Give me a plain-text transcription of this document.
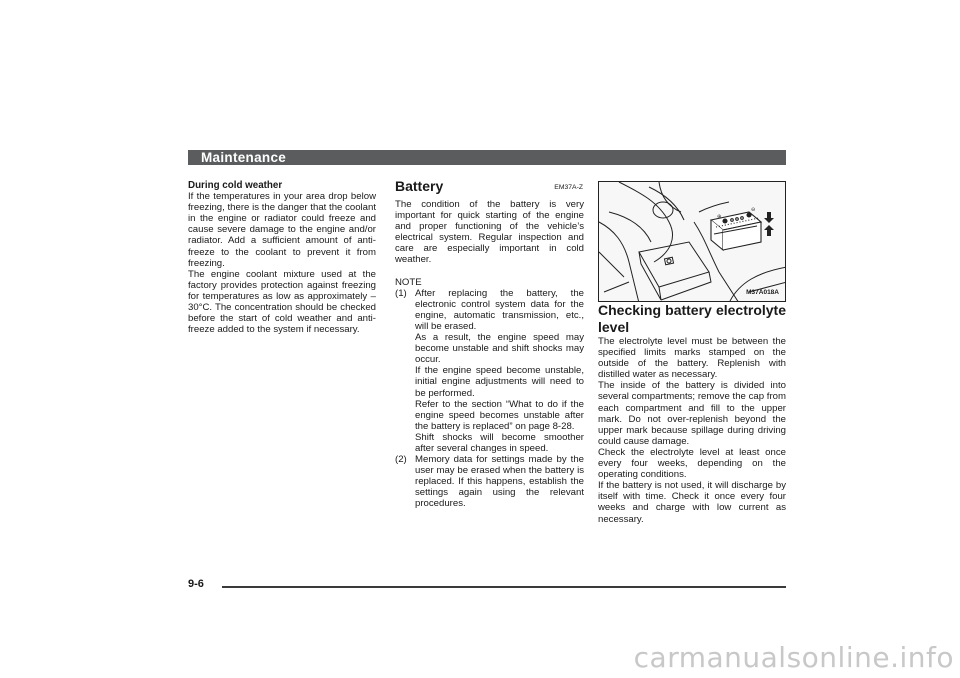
Maintenance

During cold weather

If the temperatures in your area drop below freezing, there is the danger that the coolant in the engine or radiator could freeze and cause severe damage to the engine and/or radiator. Add a sufficient amount of anti-freeze to the coolant to prevent it from freezing.

The engine coolant mixture used at the factory provides protection against freezing for temperatures as low as approximately –30°C. The concentration should be checked before the start of cold weather and anti-freeze added to the system if necessary.

Battery	EM37A-Z

The condition of the battery is very important for quick starting of the engine and proper functioning of the vehicle’s electrical system. Regular inspection and care are especially important in cold weather.

NOTE

(1) After replacing the battery, the electronic control system data for the engine, automatic transmission, etc., will be erased.

As a result, the engine speed may become unstable and shift shocks may occur.

If the engine speed become unstable, initial engine adjustments will need to be performed.

Refer to the section “What to do if the engine speed becomes unstable after the battery is replaced” on page 8-28.

Shift shocks will become smoother after several changes in speed.

(2) Memory data for settings made by the user may be erased when the battery is replaced. If this happens, establish the settings again using the relevant procedures.

⊕
⊖
M37A018A

Checking battery electrolyte level

The electrolyte level must be between the specified limits marks stamped on the outside of the battery. Replenish with distilled water as necessary.

The inside of the battery is divided into several compartments; remove the cap from each compartment and fill to the upper mark. Do not over-replenish beyond the upper mark because spillage during driving could cause damage.

Check the electrolyte level at least once every four weeks, depending on the operating conditions.

If the battery is not used, it will discharge by itself with time. Check it once every four weeks and charge with low current as necessary.

9-6
carmanualsonline.info
